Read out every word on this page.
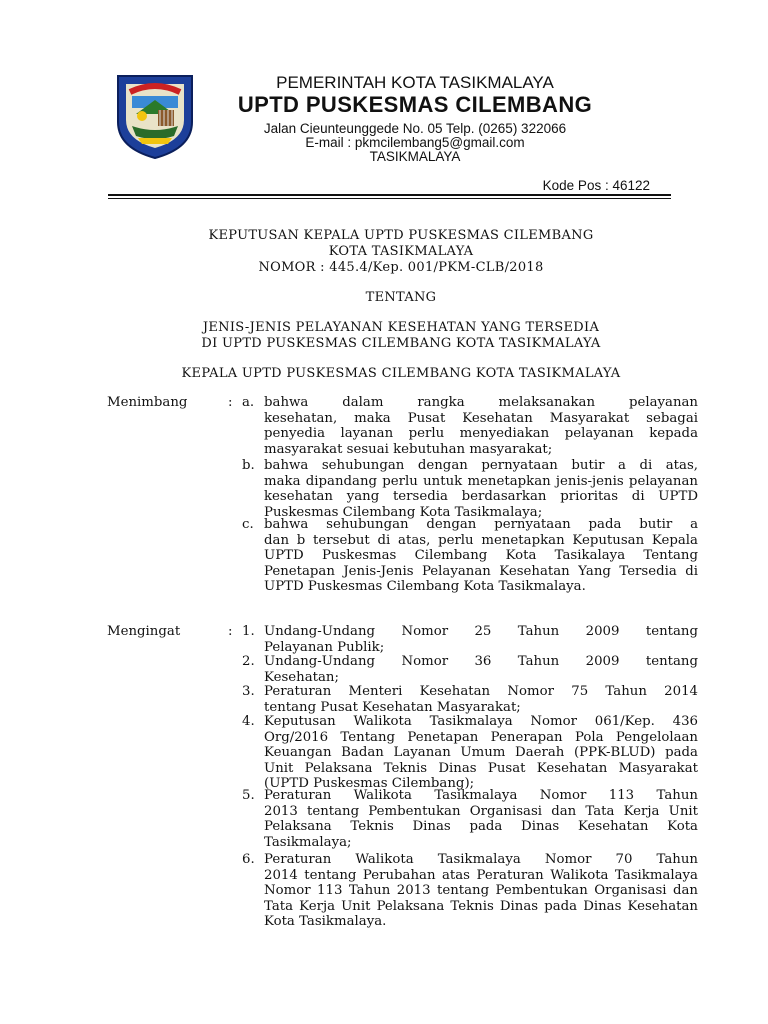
PEMERINTAH KOTA TASIKMALAYA
UPTD PUSKESMAS CILEMBANG
Jalan Cieunteunggede No. 05 Telp. (0265) 322066
E-mail : pkmcilembang5@gmail.com
TASIKMALAYA
Kode Pos : 46122
KEPUTUSAN KEPALA UPTD PUSKESMAS CILEMBANG
KOTA TASIKMALAYA
NOMOR : 445.4/Kep. 001/PKM-CLB/2018
TENTANG
JENIS-JENIS PELAYANAN KESEHATAN YANG TERSEDIA
DI UPTD PUSKESMAS CILEMBANG KOTA TASIKMALAYA
KEPALA UPTD PUSKESMAS CILEMBANG KOTA TASIKMALAYA
Menimbang	: a. bahwa dalam rangka melaksanakan pelayanan
kesehatan, maka Pusat Kesehatan Masyarakat sebagai penyedia layanan perlu menyediakan pelayanan kepada masyarakat sesuai kebutuhan masyarakat;
b. bahwa sehubungan dengan pernyataan butir a di atas,
maka dipandang perlu untuk menetapkan jenis-jenis pelayanan kesehatan yang tersedia berdasarkan prioritas di UPTD Puskesmas Cilembang Kota Tasikmalaya;
c. bahwa sehubungan dengan pernyataan pada butir a
dan b tersebut di atas, perlu menetapkan Keputusan Kepala UPTD Puskesmas Cilembang Kota Tasikalaya Tentang Penetapan Jenis-Jenis Pelayanan Kesehatan Yang Tersedia di UPTD Puskesmas Cilembang Kota Tasikmalaya.
Mengingat	: 1. Undang-Undang Nomor 25 Tahun 2009 tentang
Pelayanan Publik;
2. Undang-Undang Nomor 36 Tahun 2009 tentang
Kesehatan;
3. Peraturan Menteri Kesehatan Nomor 75 Tahun 2014
tentang Pusat Kesehatan Masyarakat;
4. Keputusan Walikota Tasikmalaya Nomor 061/Kep. 436
Org/2016 Tentang Penetapan Penerapan Pola Pengelolaan Keuangan Badan Layanan Umum Daerah (PPK-BLUD) pada Unit Pelaksana Teknis Dinas Pusat Kesehatan Masyarakat (UPTD Puskesmas Cilembang);
5. Peraturan Walikota Tasikmalaya Nomor 113 Tahun
2013 tentang Pembentukan Organisasi dan Tata Kerja Unit Pelaksana Teknis Dinas pada Dinas Kesehatan Kota Tasikmalaya;
6. Peraturan Walikota Tasikmalaya Nomor 70 Tahun
2014 tentang Perubahan atas Peraturan Walikota Tasikmalaya Nomor 113 Tahun 2013 tentang Pembentukan Organisasi dan Tata Kerja Unit Pelaksana Teknis Dinas pada Dinas Kesehatan Kota Tasikmalaya.
